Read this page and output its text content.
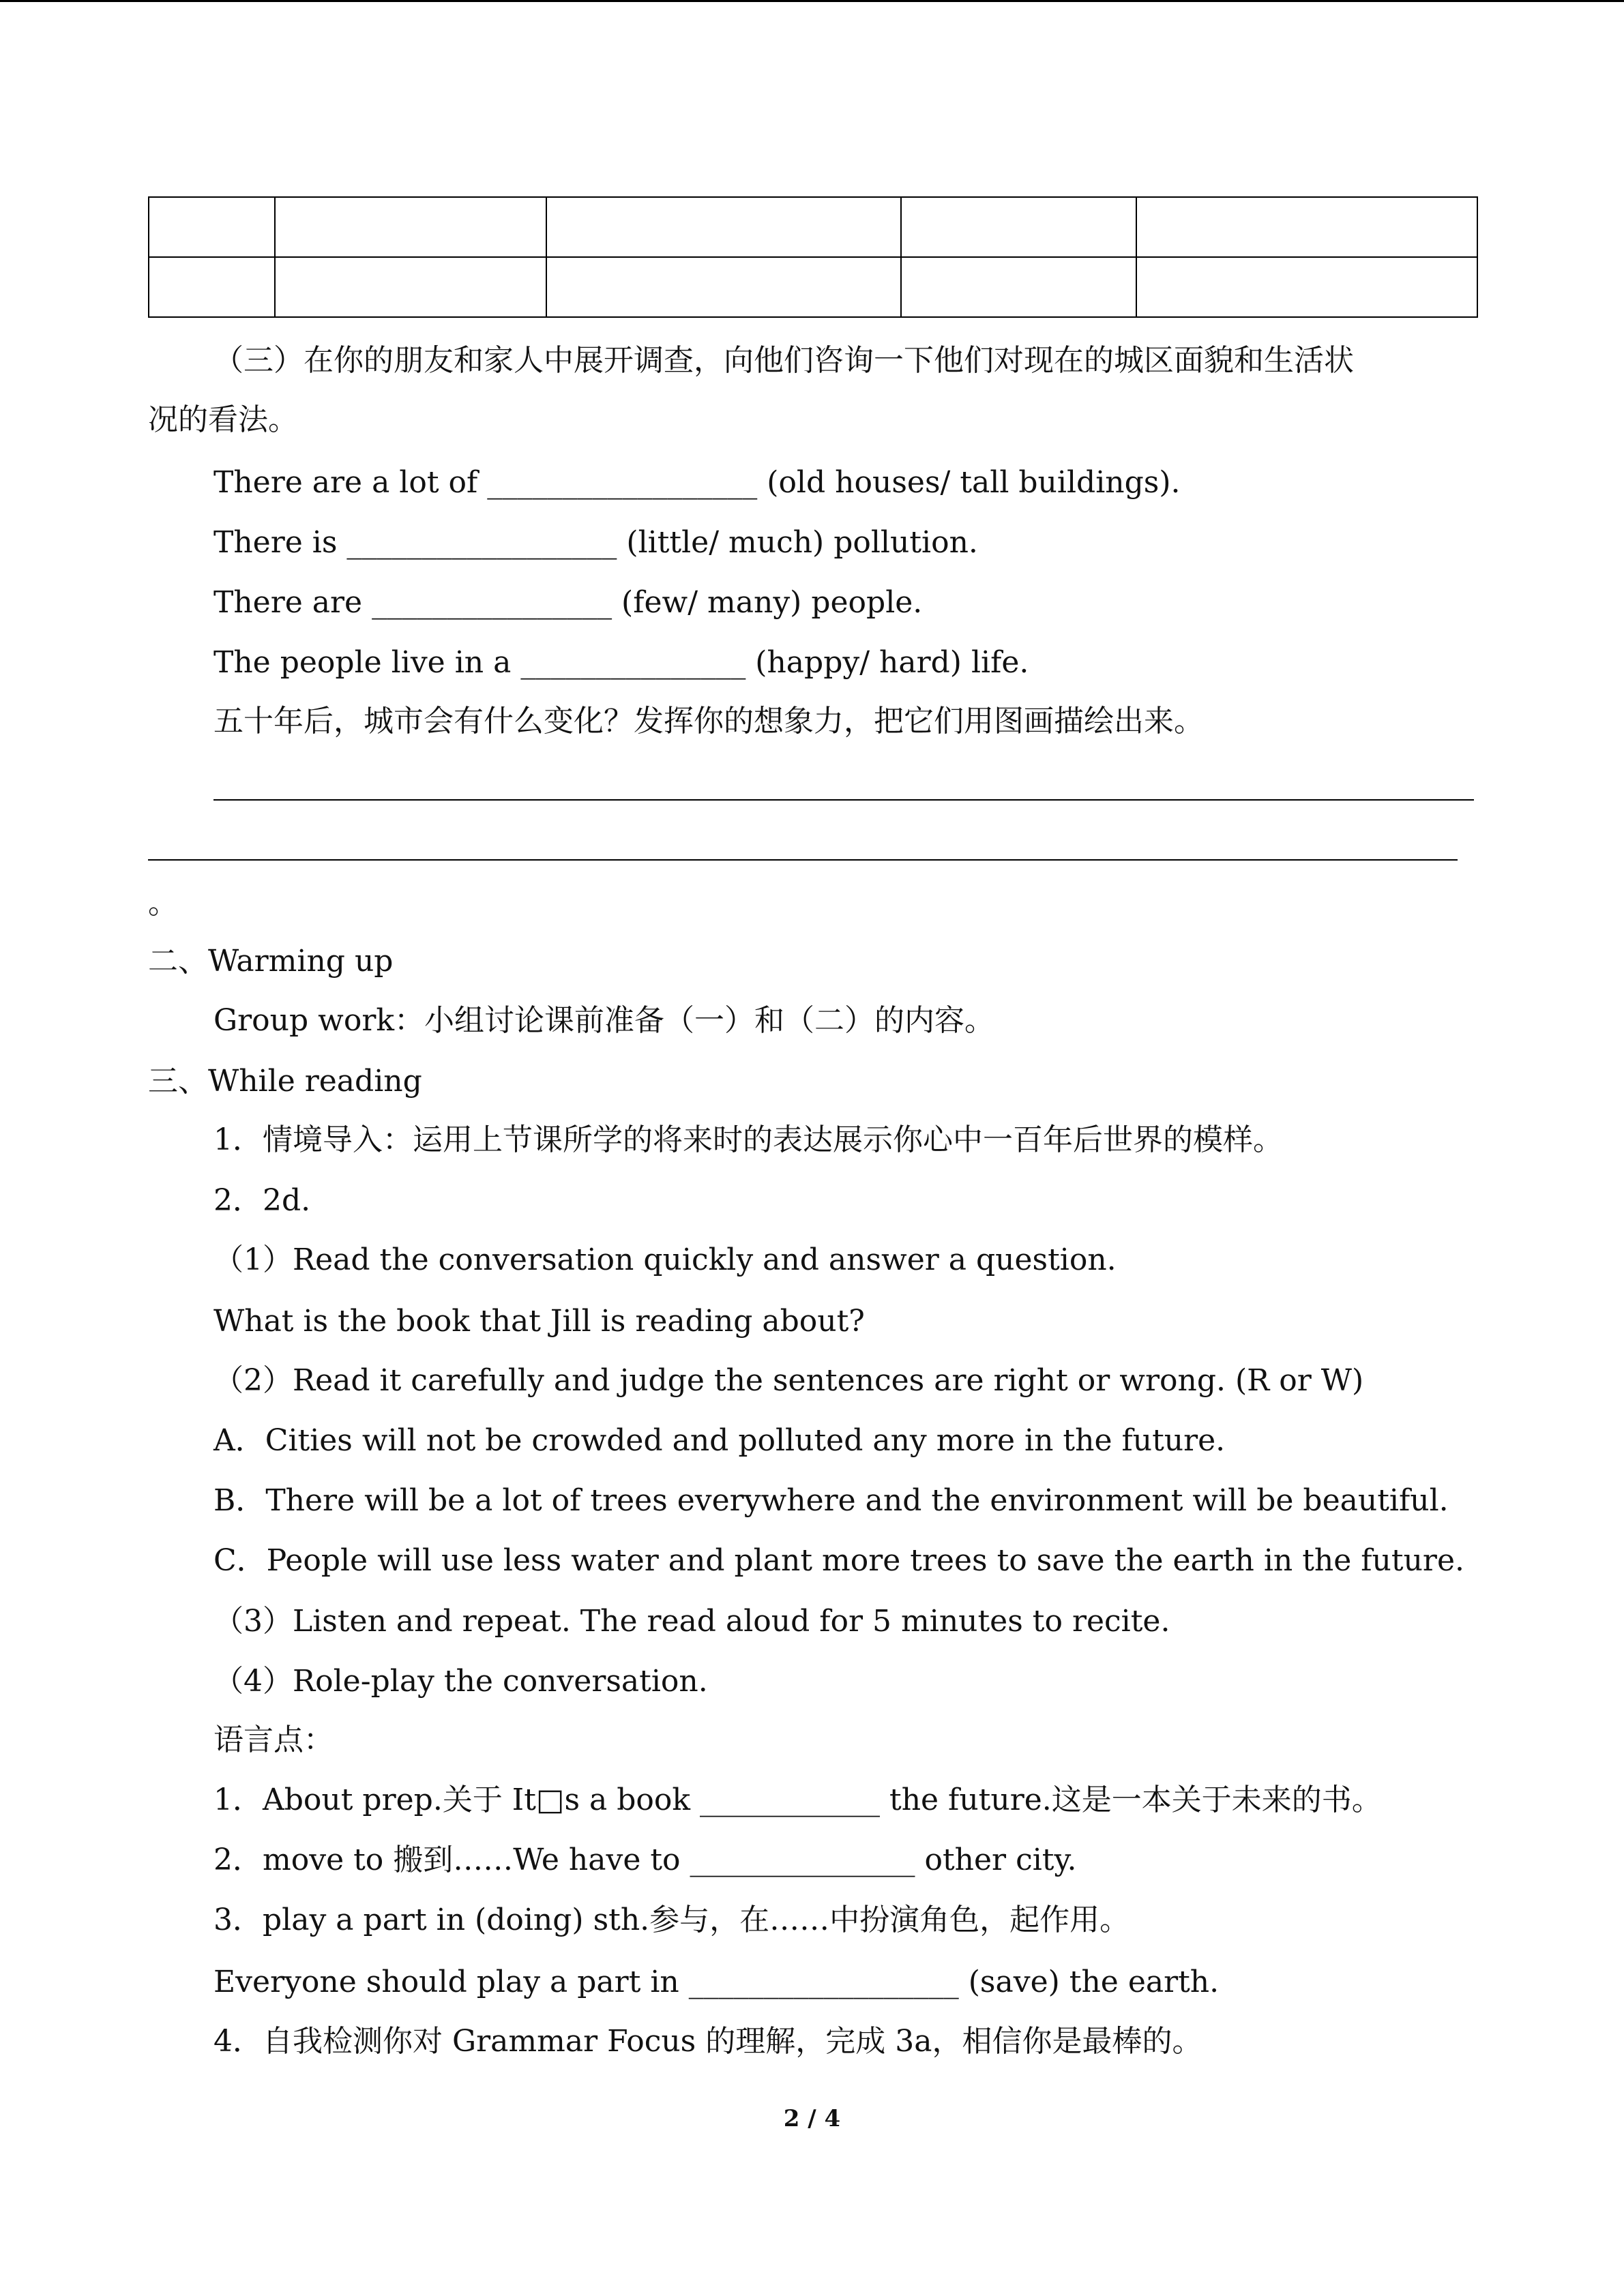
（三）在你的朋友和家人中展开调查，向他们咨询一下他们对现在的城区面貌和生活状
况的看法。
There are a lot of __________________ (old houses/ tall buildings).
There is __________________ (little/ much) pollution.
There are ________________ (few/ many) people.
The people live in a _______________ (happy/ hard) life.
五十年后，城市会有什么变化？发挥你的想象力，把它们用图画描绘出来。
。
二、Warming up
Group work：小组讨论课前准备（一）和（二）的内容。
三、While reading
1．情境导入：运用上节课所学的将来时的表达展示你心中一百年后世界的模样。
2．2d.
（1）Read the conversation quickly and answer a question.
What is the book that Jill is reading about?
（2）Read it carefully and judge the sentences are right or wrong. (R or W)
A．Cities will not be crowded and polluted any more in the future.
B．There will be a lot of trees everywhere and the environment will be beautiful.
C．People will use less water and plant more trees to save the earth in the future.
（3）Listen and repeat. The read aloud for 5 minutes to recite.
（4）Role-play the conversation.
语言点：
1．About prep.关于 It□s a book ____________ the future.这是一本关于未来的书。
2．move to 搬到……We have to _______________ other city.
3．play a part in (doing) sth.参与，在……中扮演角色，起作用。
Everyone should play a part in __________________ (save) the earth.
4．自我检测你对 Grammar Focus 的理解，完成 3a，相信你是最棒的。
2 / 4
